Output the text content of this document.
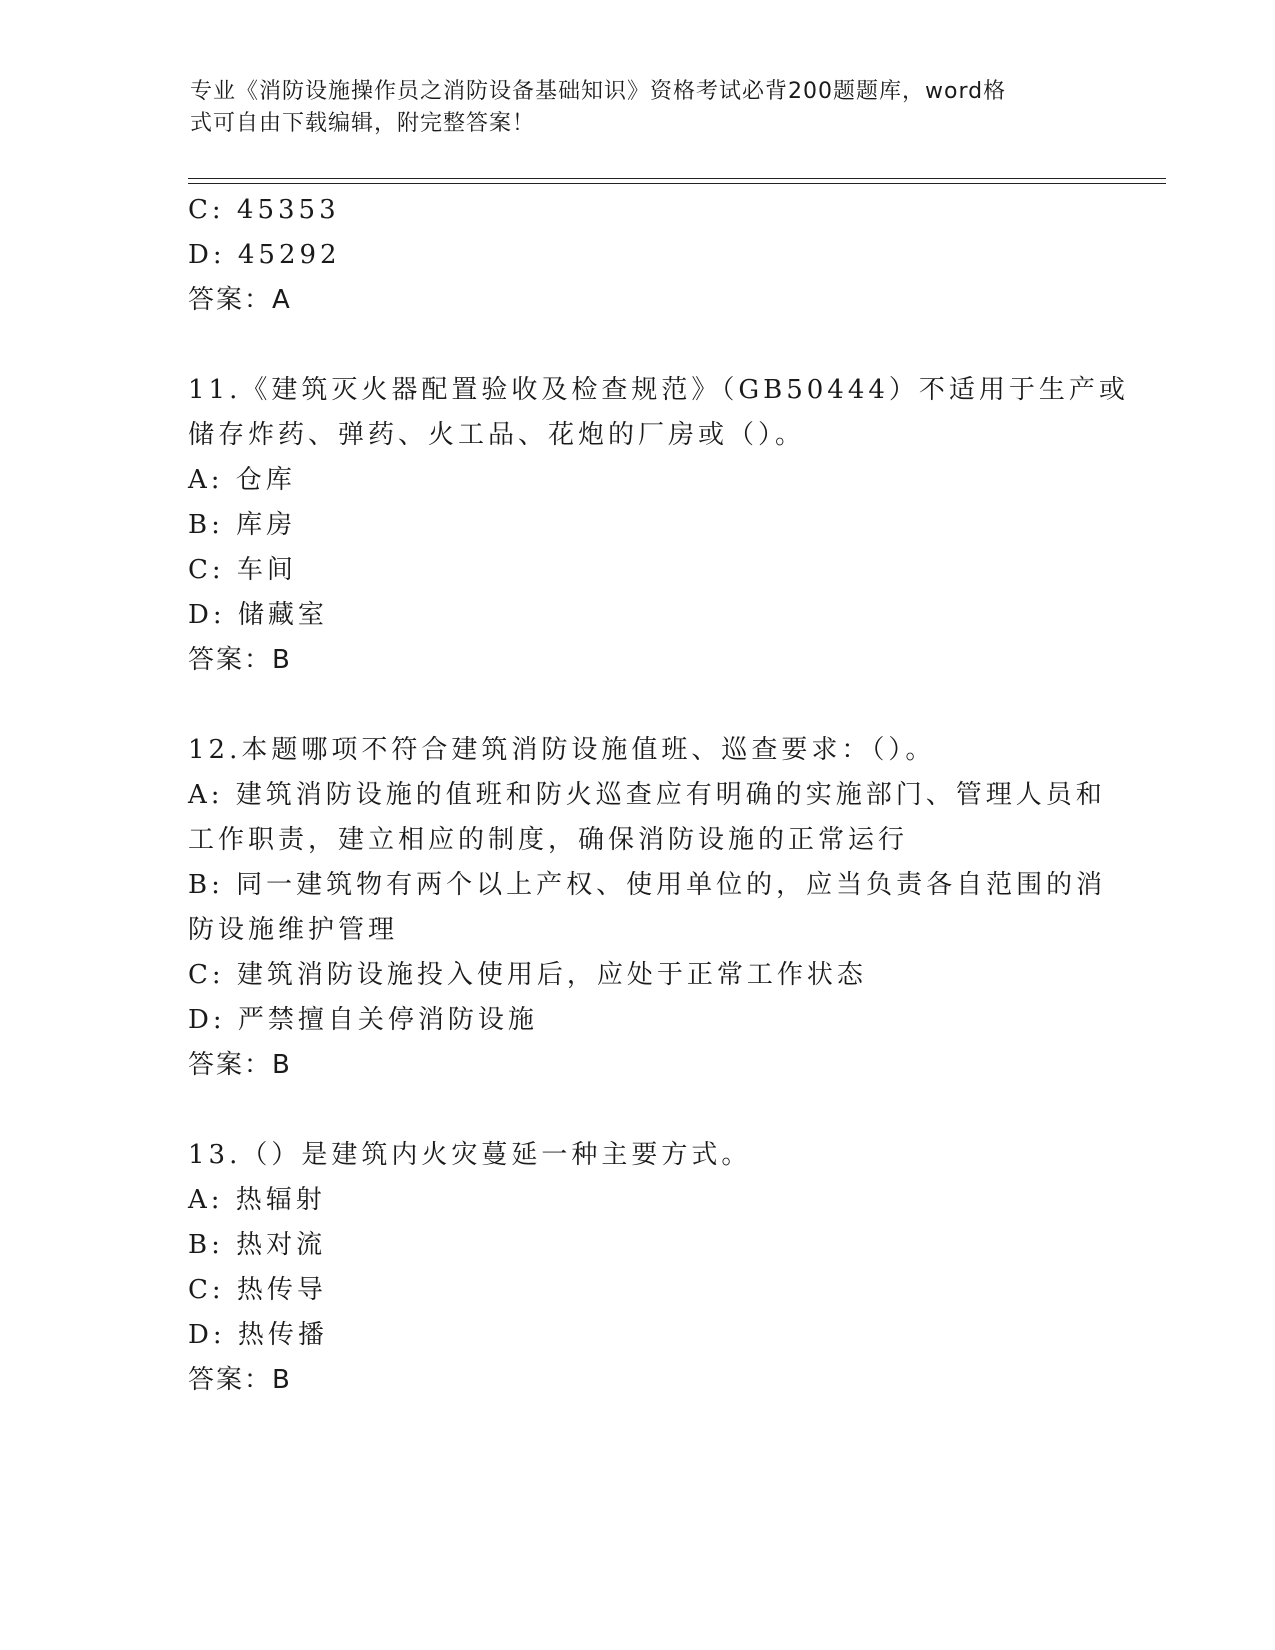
专业《消防设施操作员之消防设备基础知识》资格考试必背200题题库，word格
式可自由下载编辑，附完整答案！
C: 45353
D: 45292
答案：A
11.《建筑灭火器配置验收及检查规范》（GB50444）不适用于生产或
储存炸药、弹药、火工品、花炮的厂房或（）。
A: 仓库
B: 库房
C: 车间
D: 储藏室
答案：B
12.本题哪项不符合建筑消防设施值班、巡查要求：（）。
A: 建筑消防设施的值班和防火巡查应有明确的实施部门、管理人员和
工作职责，建立相应的制度，确保消防设施的正常运行
B: 同一建筑物有两个以上产权、使用单位的，应当负责各自范围的消
防设施维护管理
C: 建筑消防设施投入使用后，应处于正常工作状态
D: 严禁擅自关停消防设施
答案：B
13.（）是建筑内火灾蔓延一种主要方式。
A: 热辐射
B: 热对流
C: 热传导
D: 热传播
答案：B
